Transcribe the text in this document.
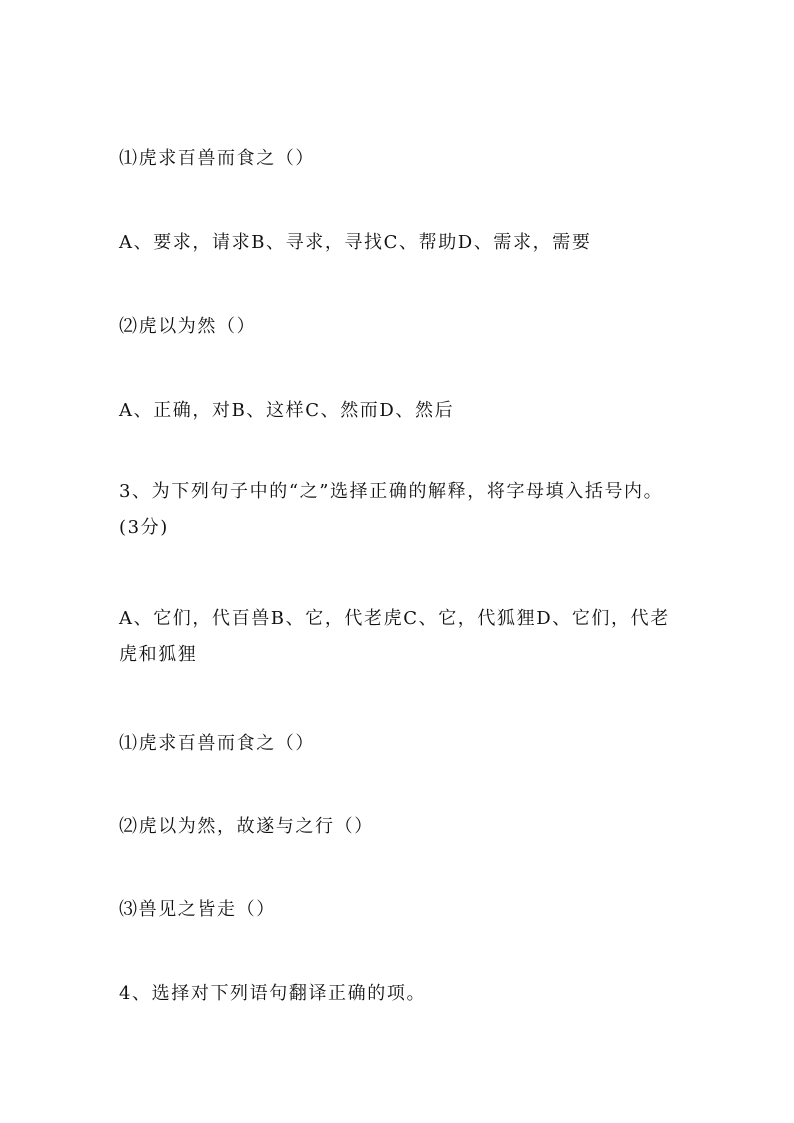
⑴虎求百兽而食之（）
A、要求，请求B、寻求，寻找C、帮助D、需求，需要
⑵虎以为然（）
A、正确，对B、这样C、然而D、然后
3、为下列句子中的“之”选择正确的解释，将字母填入括号内。(3分)
A、它们，代百兽B、它，代老虎C、它，代狐狸D、它们，代老虎和狐狸
⑴虎求百兽而食之（）
⑵虎以为然，故遂与之行（）
⑶兽见之皆走（）
4、选择对下列语句翻译正确的项。
